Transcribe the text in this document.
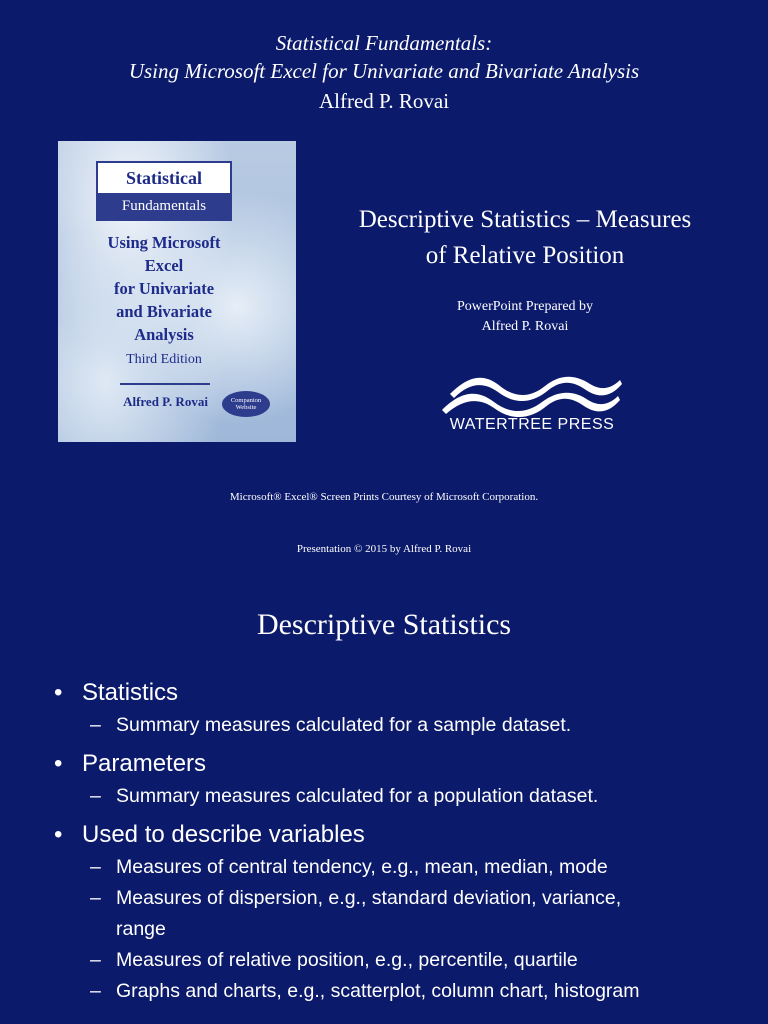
Statistical Fundamentals:
Using Microsoft Excel for Univariate and Bivariate Analysis
Alfred P. Rovai
Statistical
Fundamentals
Using Microsoft
Excel
for Univariate
and Bivariate
Analysis
Third Edition
Alfred P. Rovai	Companion
Website
Descriptive Statistics – Measures
of Relative Position
PowerPoint Prepared by
Alfred P. Rovai
WATERTREE PRESS
Microsoft® Excel® Screen Prints Courtesy of Microsoft Corporation.
Presentation © 2015 by Alfred P. Rovai
Descriptive Statistics
• Statistics
– Summary measures calculated for a sample dataset.
• Parameters
– Summary measures calculated for a population dataset.
• Used to describe variables
– Measures of central tendency, e.g., mean, median, mode
– Measures of dispersion, e.g., standard deviation, variance, range
– Measures of relative position, e.g., percentile, quartile
– Graphs and charts, e.g., scatterplot, column chart, histogram
